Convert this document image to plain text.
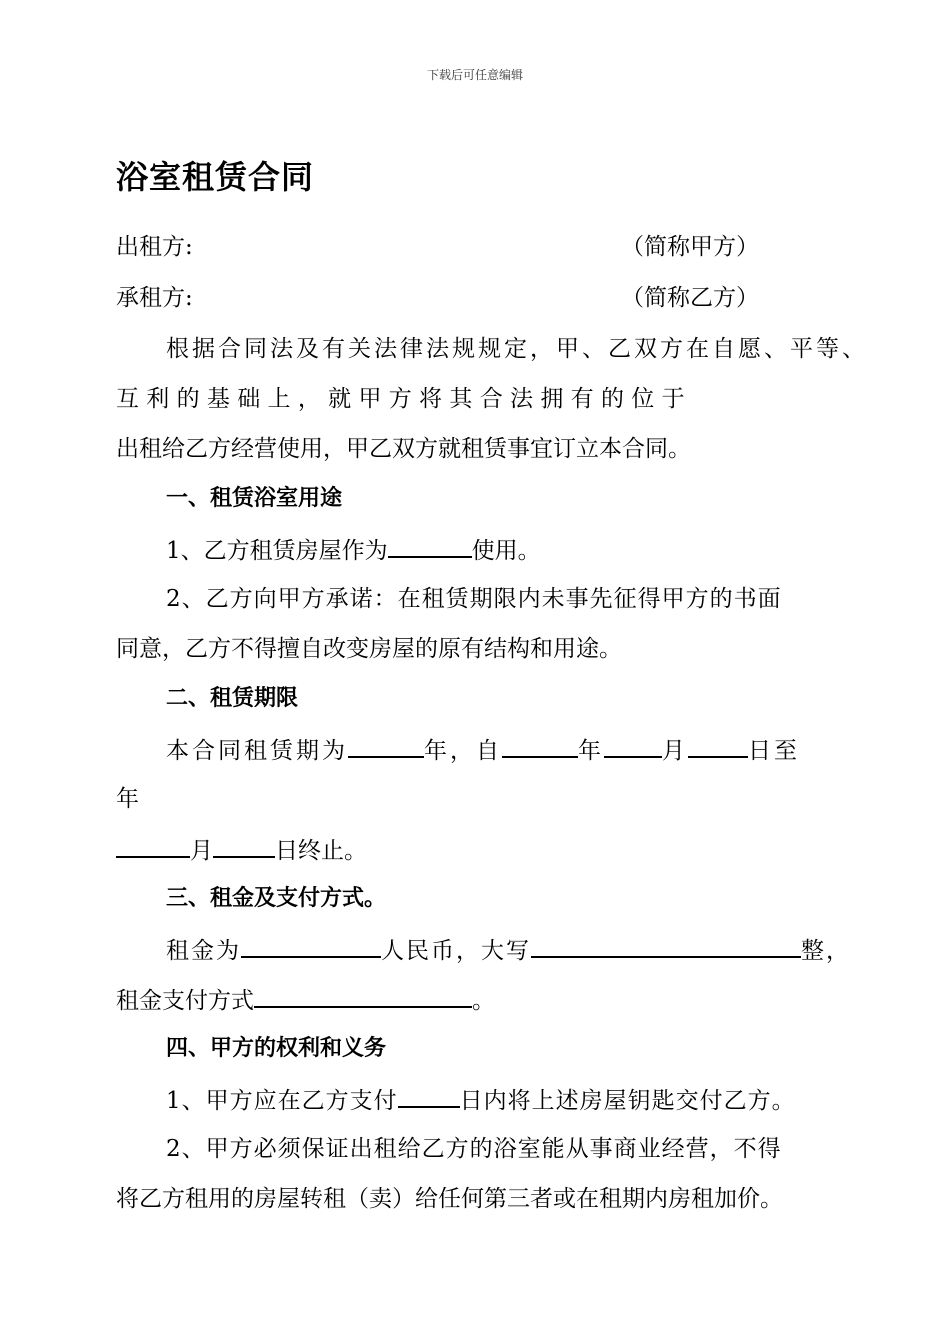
下载后可任意编辑
浴室租赁合同
出租方:	（简称甲方）
承租方:	（简称乙方）
根据合同法及有关法律法规规定，甲、乙双方在自愿、平等、
互 利 的 基 础 上 ， 就 甲 方 将 其 合 法 拥 有 的 位 于
出租给乙方经营使用，甲乙双方就租赁事宜订立本合同。
一、租赁浴室用途
1、乙方租赁房屋作为	使用。
2、乙方向甲方承诺：在租赁期限内未事先征得甲方的书面
同意，乙方不得擅自改变房屋的原有结构和用途。
二、租赁期限
本合同租赁期为	年，自	年	月	日至
年
月	日终止。
三、租金及支付方式。
租金为	人民币，大写	整，
租金支付方式	。
四、甲方的权利和义务
1、甲方应在乙方支付	日内将上述房屋钥匙交付乙方。
2、甲方必须保证出租给乙方的浴室能从事商业经营，不得
将乙方租用的房屋转租（卖）给任何第三者或在租期内房租加价。
